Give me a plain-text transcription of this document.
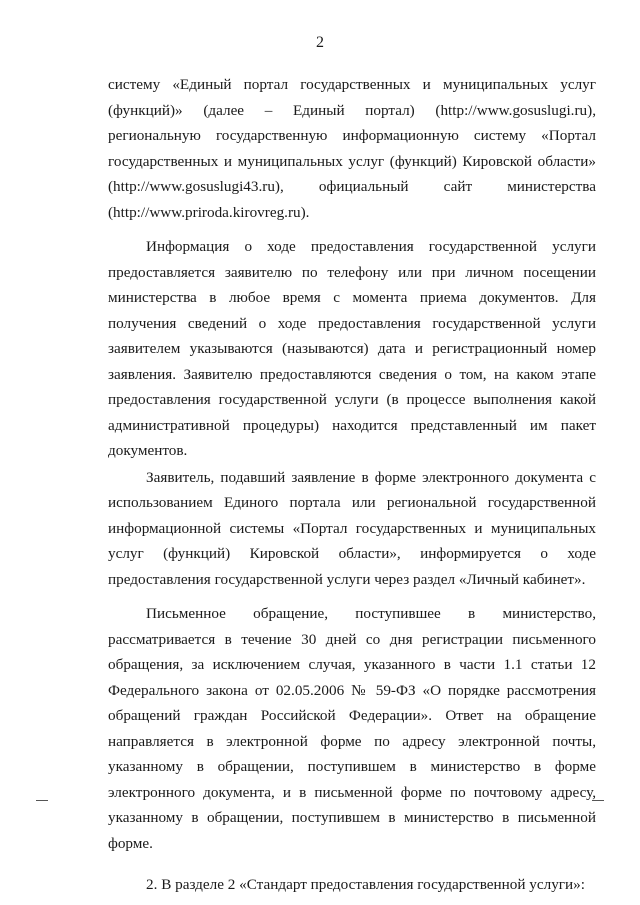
2

систему «Единый портал государственных и муниципальных услуг (функций)» (далее – Единый портал) (http://www.gosuslugi.ru), региональную государственную информационную систему «Портал государственных и муниципальных услуг (функций) Кировской области» (http://www.gosuslugi43.ru), официальный сайт министерства (http://www.priroda.kirovreg.ru).

Информация о ходе предоставления государственной услуги предоставляется заявителю по телефону или при личном посещении министерства в любое время с момента приема документов. Для получения сведений о ходе предоставления государственной услуги заявителем указываются (называются) дата и регистрационный номер заявления. Заявителю предоставляются сведения о том, на каком этапе предоставления государственной услуги (в процессе выполнения какой административной процедуры) находится представленный им пакет документов.

Заявитель, подавший заявление в форме электронного документа с использованием Единого портала или региональной государственной информационной системы «Портал государственных и муниципальных услуг (функций) Кировской области», информируется о ходе предоставления государственной услуги через раздел «Личный кабинет».

Письменное обращение, поступившее в министерство, рассматривается в течение 30 дней со дня регистрации письменного обращения, за исключением случая, указанного в части 1.1 статьи 12 Федерального закона от 02.05.2006 № 59-ФЗ «О порядке рассмотрения обращений граждан Российской Федерации». Ответ на обращение направляется в электронной форме по адресу электронной почты, указанному в обращении, поступившем в министерство в форме электронного документа, и в письменной форме по почтовому адресу, указанному в обращении, поступившем в министерство в письменной форме.

2. В разделе 2 «Стандарт предоставления государственной услуги»:
